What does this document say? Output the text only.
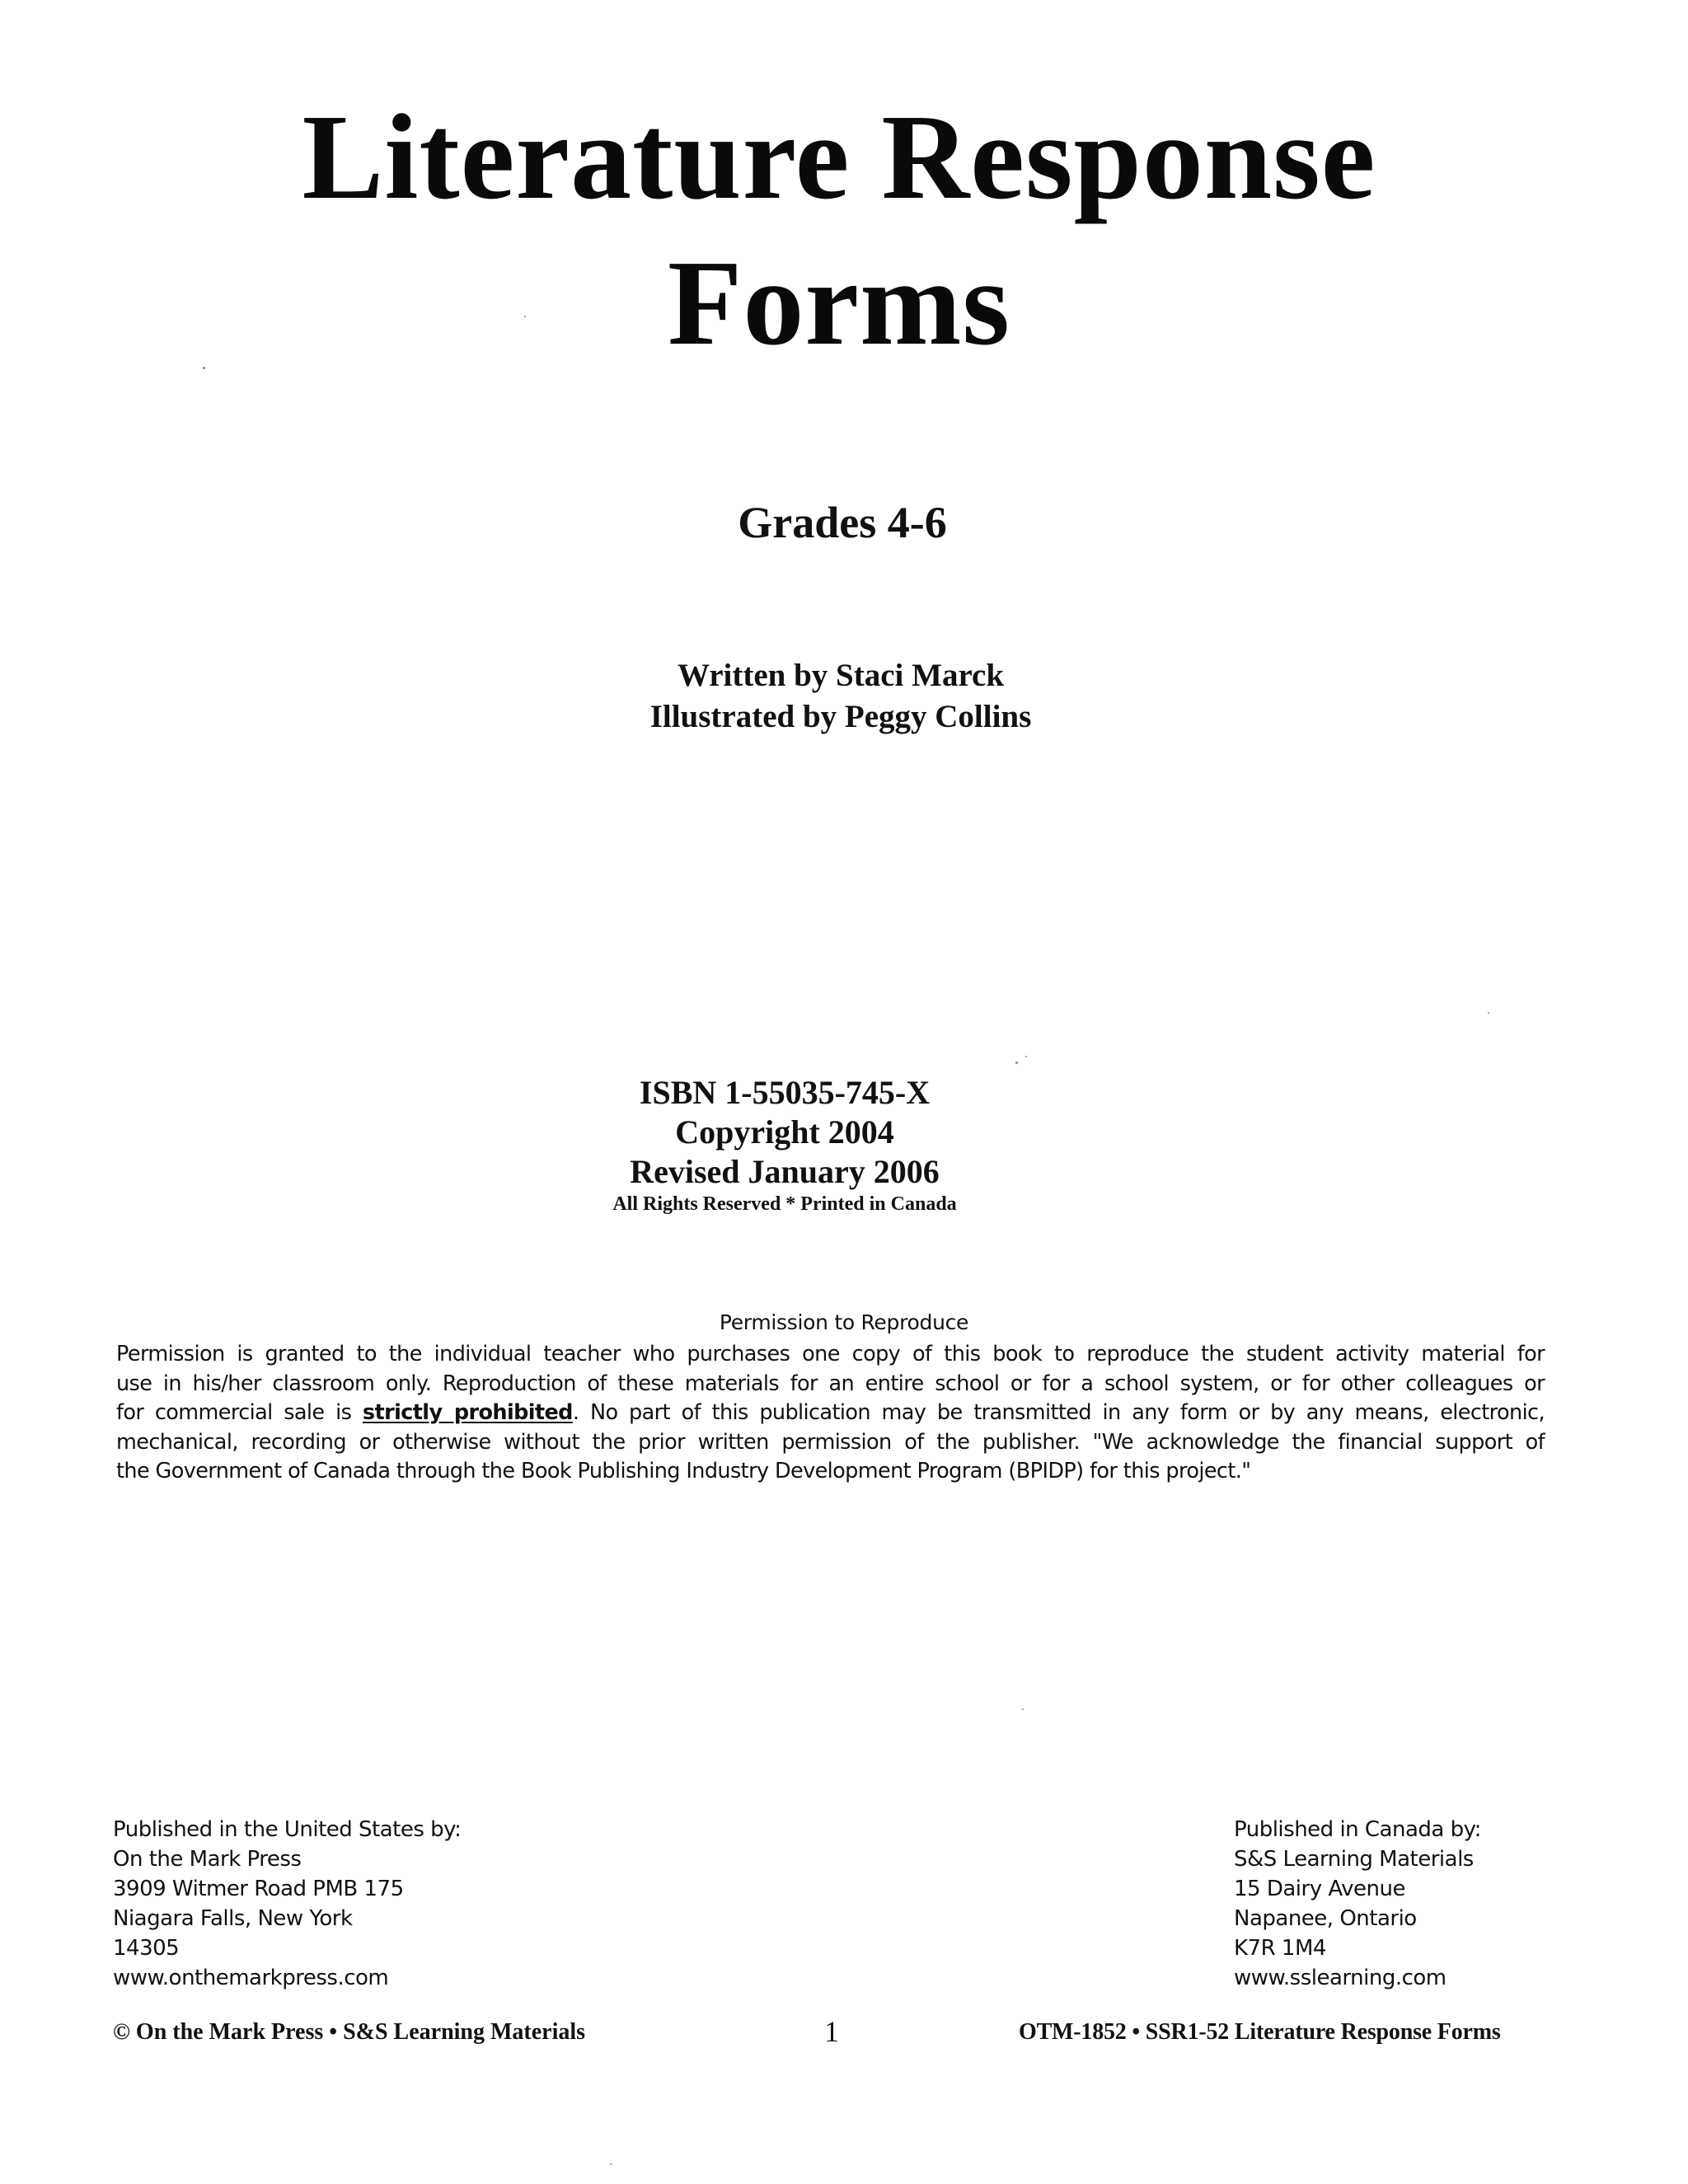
Literature Response
Forms
Grades 4-6
Written by Staci Marck
Illustrated by Peggy Collins
ISBN 1-55035-745-X
Copyright 2004
Revised January 2006
All Rights Reserved * Printed in Canada
Permission to Reproduce
Permission is granted to the individual teacher who purchases one copy of this book to reproduce the student activity material for
use in his/her classroom only. Reproduction of these materials for an entire school or for a school system, or for other colleagues or
for commercial sale is strictly prohibited. No part of this publication may be transmitted in any form or by any means, electronic,
mechanical, recording or otherwise without the prior written permission of the publisher. "We acknowledge the financial support of
the Government of Canada through the Book Publishing Industry Development Program (BPIDP) for this project."
Published in the United States by:
On the Mark Press
3909 Witmer Road PMB 175
Niagara Falls, New York
14305
www.onthemarkpress.com
Published in Canada by:
S&S Learning Materials
15 Dairy Avenue
Napanee, Ontario
K7R 1M4
www.sslearning.com
© On the Mark Press • S&S Learning Materials	1	OTM-1852 • SSR1-52 Literature Response Forms
